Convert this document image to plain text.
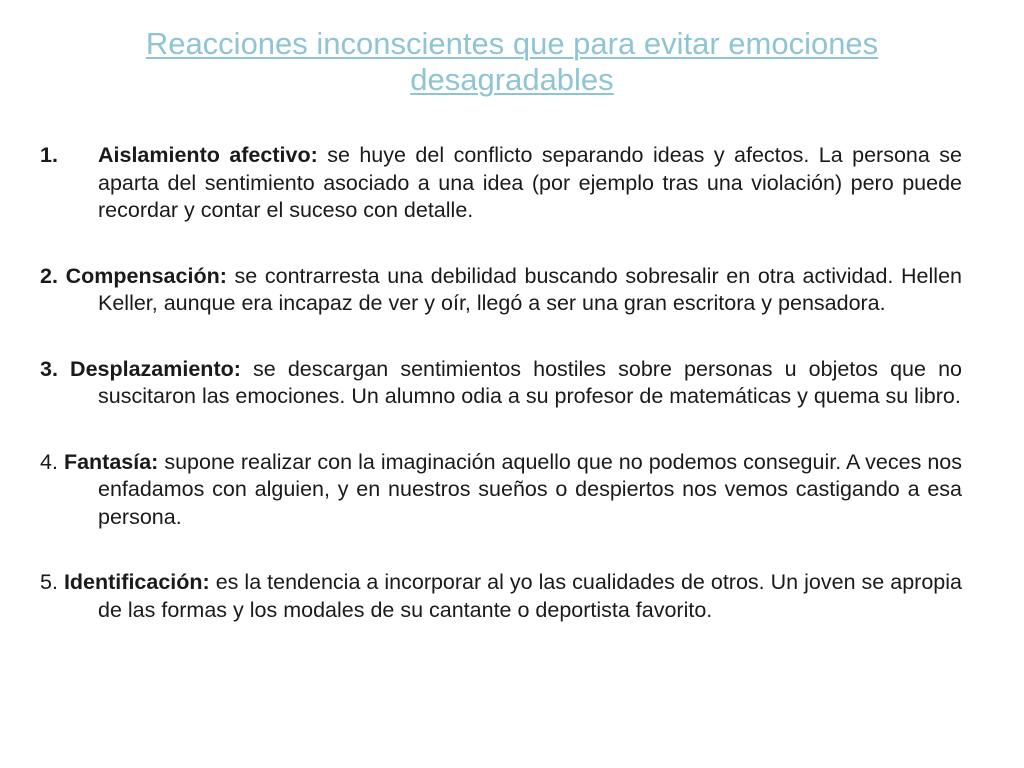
Reacciones inconscientes que para evitar emociones
desagradables
1. Aislamiento afectivo: se huye del conflicto separando ideas y afectos. La persona se aparta del sentimiento asociado a una idea (por ejemplo tras una violación) pero puede recordar y contar el suceso con detalle.
2. Compensación: se contrarresta una debilidad buscando sobresalir en otra actividad. Hellen Keller, aunque era incapaz de ver y oír, llegó a ser una gran escritora y pensadora.
3. Desplazamiento: se descargan sentimientos hostiles sobre personas u objetos que no suscitaron las emociones. Un alumno odia a su profesor de matemáticas y quema su libro.
4. Fantasía: supone realizar con la imaginación aquello que no podemos conseguir. A veces nos enfadamos con alguien, y en nuestros sueños o despiertos nos vemos castigando a esa persona.
5. Identificación: es la tendencia a incorporar al yo las cualidades de otros. Un joven se apropia de las formas y los modales de su cantante o deportista favorito.
